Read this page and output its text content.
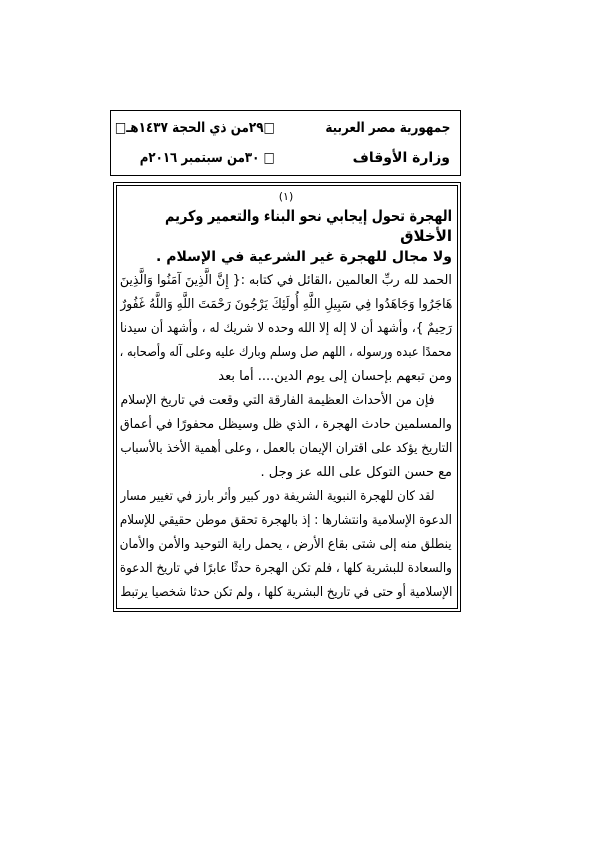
جمهورية مصر العربية
□٢٩من ذي الحجة ١٤٣٧هـ□
وزارة الأوقاف
□ ٣٠من سبتمبر ٢٠١٦م
(١)
الهجرة تحول إيجابي نحو البناء والتعمير وكريم
الأخلاق
ولا مجال للهجرة غير الشرعية في الإسلام .
الحمد لله ربِّ العالمين ،القائل في كتابه :{ إِنَّ الَّذِينَ آمَنُوا وَالَّذِينَ
هَاجَرُوا وَجَاهَدُوا فِي سَبِيلِ اللَّهِ أُولَئِكَ يَرْجُونَ رَحْمَتَ اللَّهِ وَاللَّهُ غَفُورٌ
رَحِيمٌ }، وأشهد أن لا إله إلا الله وحده لا شريك له ، وأشهد أن سيدنا
محمدًا عبده ورسوله ، اللهم صل وسلم وبارك عليه وعلى آله وأصحابه ،
ومن تبعهم بإحسان إلى يوم الدين.... أما بعد
فإن من الأحداث العظيمة الفارقة التي وقعت في تاريخ الإسلام
والمسلمين حادث الهجرة ، الذي ظل وسيظل محفورًا في أعماق
التاريخ يؤكد على اقتران الإيمان بالعمل ، وعلى أهمية الأخذ بالأسباب
مع حسن التوكل على الله عز وجل .
لقد كان للهجرة النبوية الشريفة دور كبير وأثر بارز في تغيير مسار
الدعوة الإسلامية وانتشارها : إذ بالهجرة تحقق موطن حقيقي للإسلام
ينطلق منه إلى شتى بقاع الأرض ، يحمل راية التوحيد والأمن والأمان
والسعادة للبشرية كلها ، فلم تكن الهجرة حدثًا عابرًا في تاريخ الدعوة
الإسلامية أو حتى في تاريخ البشرية كلها ، ولم تكن حدثا شخصيا يرتبط
